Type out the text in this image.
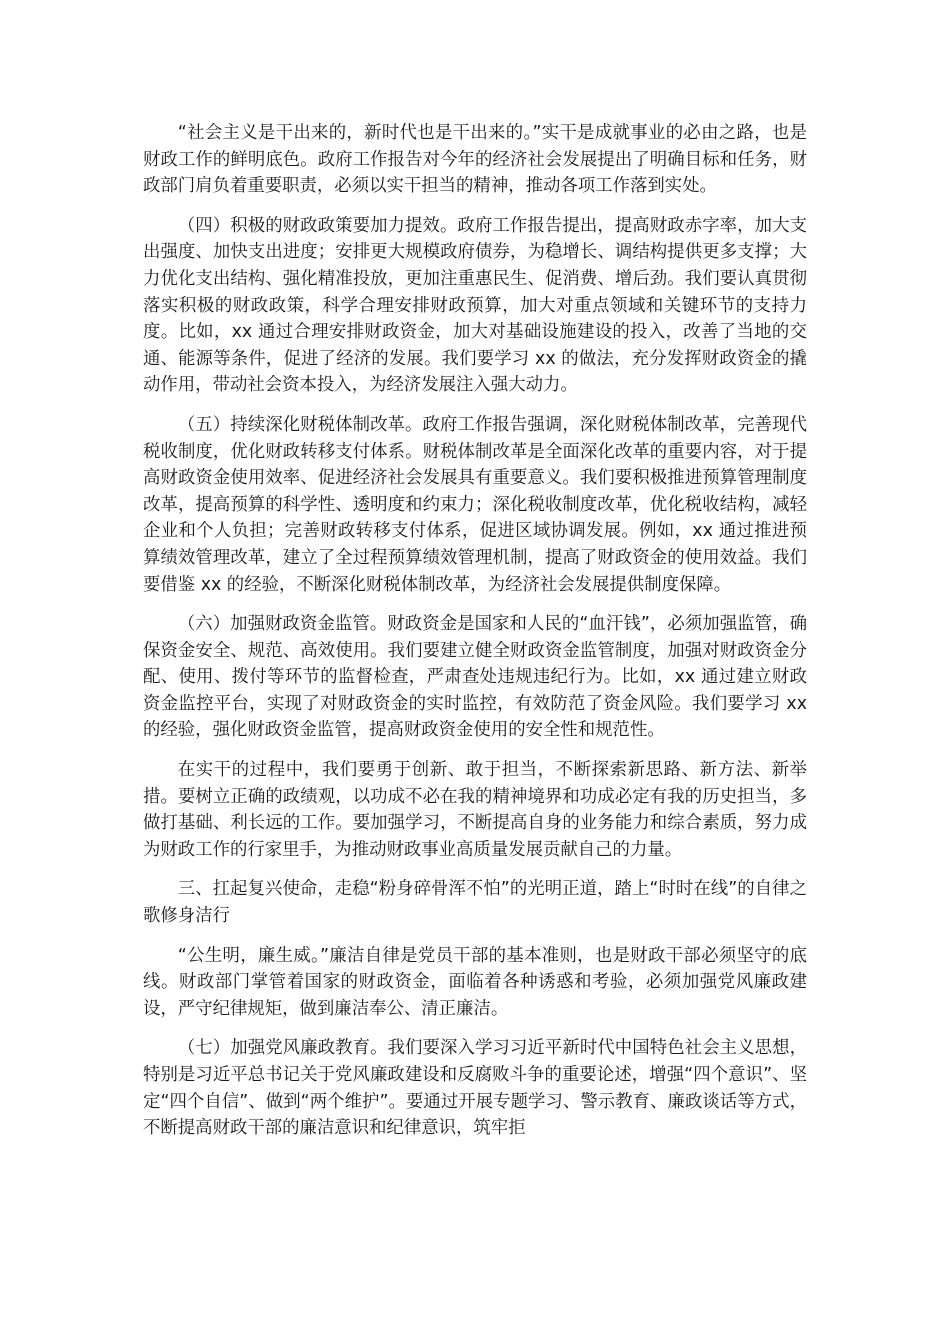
“社会主义是干出来的，新时代也是干出来的。”实干是成就事业的必由之路，也是财政工作的鲜明底色。政府工作报告对今年的经济社会发展提出了明确目标和任务，财政部门肩负着重要职责，必须以实干担当的精神，推动各项工作落到实处。

（四）积极的财政政策要加力提效。政府工作报告提出，提高财政赤字率，加大支出强度、加快支出进度；安排更大规模政府债券，为稳增长、调结构提供更多支撑；大力优化支出结构、强化精准投放，更加注重惠民生、促消费、增后劲。我们要认真贯彻落实积极的财政政策，科学合理安排财政预算，加大对重点领域和关键环节的支持力度。比如，xx 通过合理安排财政资金，加大对基础设施建设的投入，改善了当地的交通、能源等条件，促进了经济的发展。我们要学习 xx 的做法，充分发挥财政资金的撬动作用，带动社会资本投入，为经济发展注入强大动力。

（五）持续深化财税体制改革。政府工作报告强调，深化财税体制改革，完善现代税收制度，优化财政转移支付体系。财税体制改革是全面深化改革的重要内容，对于提高财政资金使用效率、促进经济社会发展具有重要意义。我们要积极推进预算管理制度改革，提高预算的科学性、透明度和约束力；深化税收制度改革，优化税收结构，减轻企业和个人负担；完善财政转移支付体系，促进区域协调发展。例如，xx 通过推进预算绩效管理改革，建立了全过程预算绩效管理机制，提高了财政资金的使用效益。我们要借鉴 xx 的经验，不断深化财税体制改革，为经济社会发展提供制度保障。

（六）加强财政资金监管。财政资金是国家和人民的“血汗钱”，必须加强监管，确保资金安全、规范、高效使用。我们要建立健全财政资金监管制度，加强对财政资金分配、使用、拨付等环节的监督检查，严肃查处违规违纪行为。比如，xx 通过建立财政资金监控平台，实现了对财政资金的实时监控，有效防范了资金风险。我们要学习 xx 的经验，强化财政资金监管，提高财政资金使用的安全性和规范性。

在实干的过程中，我们要勇于创新、敢于担当，不断探索新思路、新方法、新举措。要树立正确的政绩观，以功成不必在我的精神境界和功成必定有我的历史担当，多做打基础、利长远的工作。要加强学习，不断提高自身的业务能力和综合素质，努力成为财政工作的行家里手，为推动财政事业高质量发展贡献自己的力量。

三、扛起复兴使命，走稳“粉身碎骨浑不怕”的光明正道，踏上“时时在线”的自律之歌修身洁行

“公生明，廉生威。”廉洁自律是党员干部的基本准则，也是财政干部必须坚守的底线。财政部门掌管着国家的财政资金，面临着各种诱惑和考验，必须加强党风廉政建设，严守纪律规矩，做到廉洁奉公、清正廉洁。

（七）加强党风廉政教育。我们要深入学习习近平新时代中国特色社会主义思想，特别是习近平总书记关于党风廉政建设和反腐败斗争的重要论述，增强“四个意识”、坚定“四个自信”、做到“两个维护”。要通过开展专题学习、警示教育、廉政谈话等方式，不断提高财政干部的廉洁意识和纪律意识，筑牢拒
